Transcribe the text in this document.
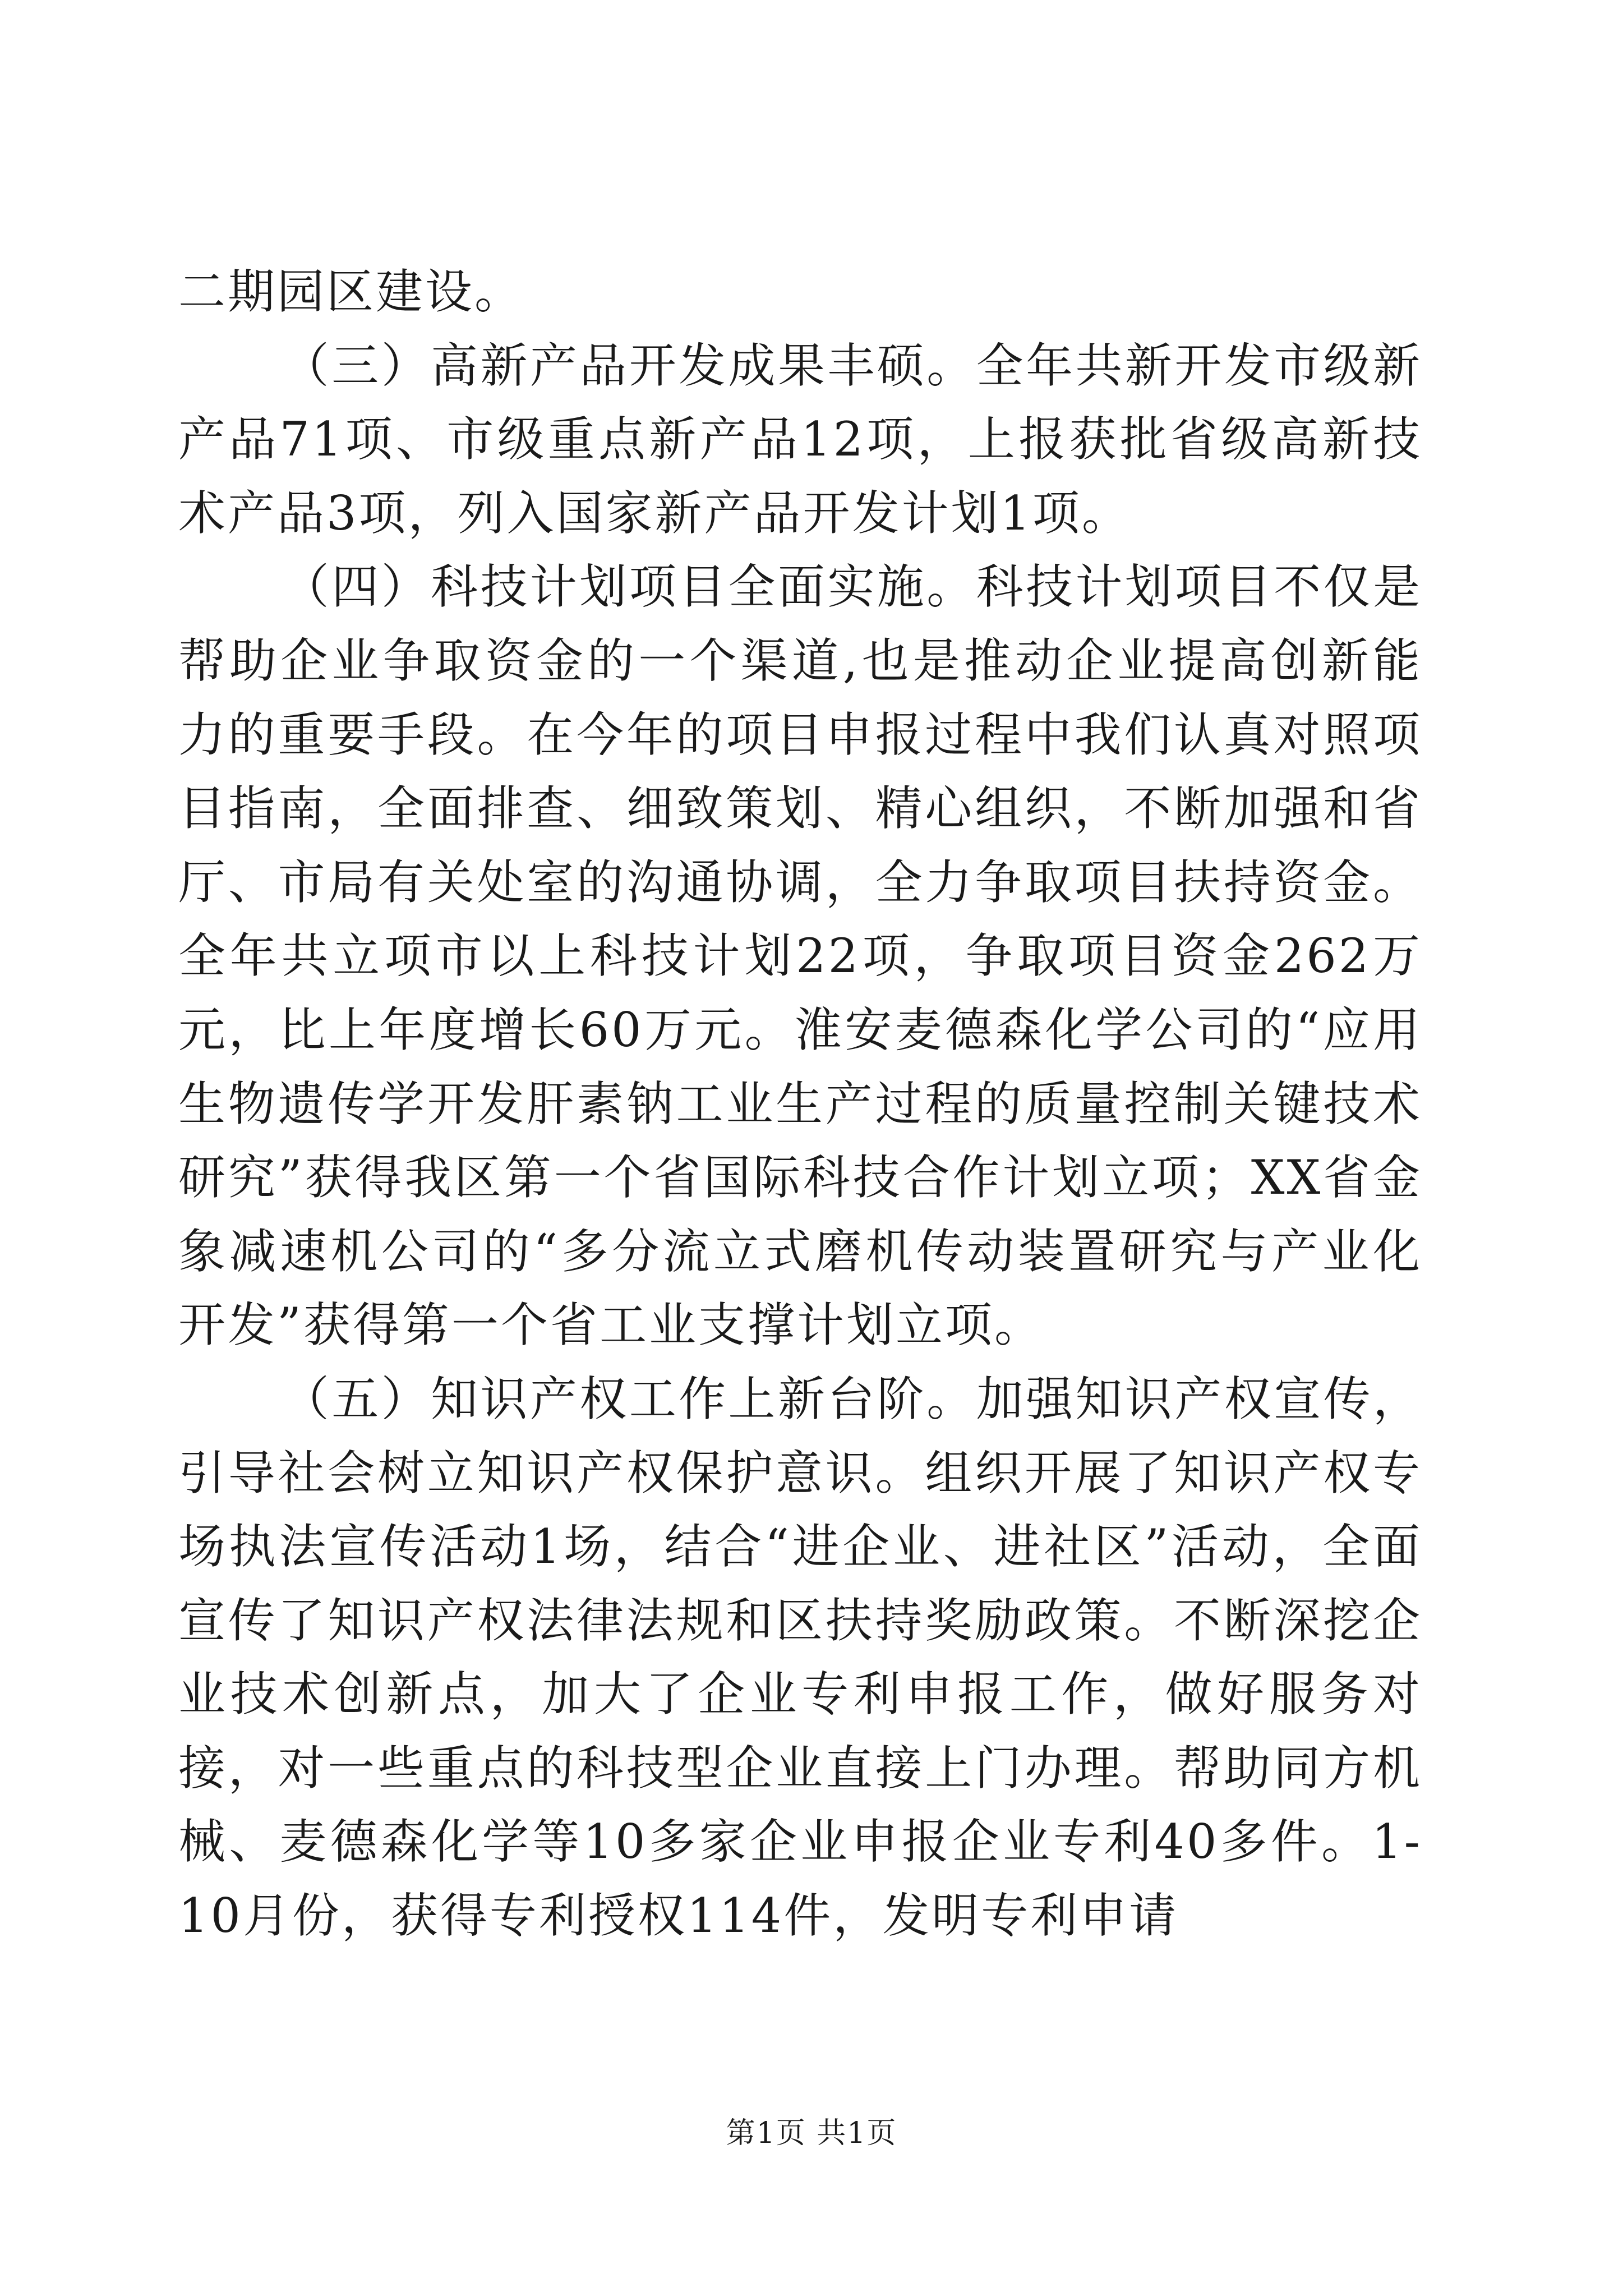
二期园区建设。

（三）高新产品开发成果丰硕。全年共新开发市级新产品71项、市级重点新产品12项，上报获批省级高新技术产品3项，列入国家新产品开发计划1项。

（四）科技计划项目全面实施。科技计划项目不仅是帮助企业争取资金的一个渠道,也是推动企业提高创新能力的重要手段。在今年的项目申报过程中我们认真对照项目指南，全面排查、细致策划、精心组织，不断加强和省厅、市局有关处室的沟通协调，全力争取项目扶持资金。全年共立项市以上科技计划22项，争取项目资金262万元，比上年度增长60万元。淮安麦德森化学公司的“应用生物遗传学开发肝素钠工业生产过程的质量控制关键技术研究”获得我区第一个省国际科技合作计划立项；XX省金象减速机公司的“多分流立式磨机传动装置研究与产业化开发”获得第一个省工业支撑计划立项。

（五）知识产权工作上新台阶。加强知识产权宣传，引导社会树立知识产权保护意识。组织开展了知识产权专场执法宣传活动1场，结合“进企业、进社区”活动，全面宣传了知识产权法律法规和区扶持奖励政策。不断深挖企业技术创新点，加大了企业专利申报工作，做好服务对接，对一些重点的科技型企业直接上门办理。帮助同方机械、麦德森化学等10多家企业申报企业专利40多件。1-10月份，获得专利授权114件，发明专利申请

第1页 共1页
